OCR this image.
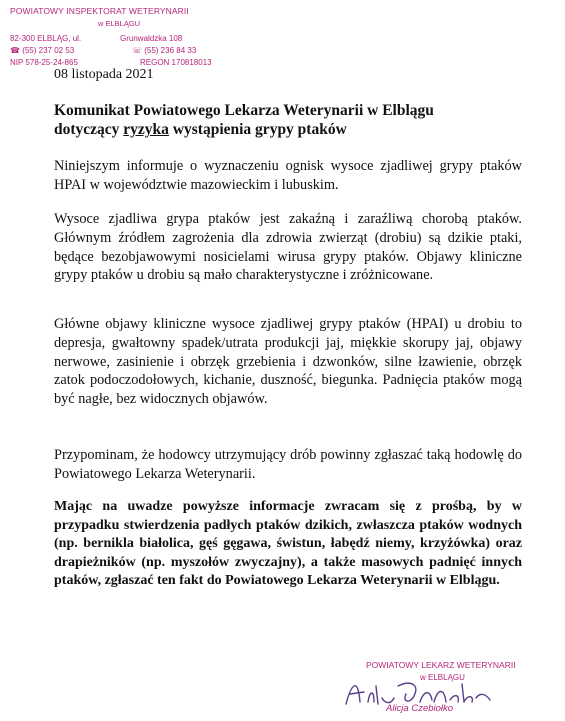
POWIATOWY INSPEKTORAT WETERYNARII
w ELBLĄGU
82-300 ELBLĄG, ul.	Grunwaldzka 108
☎ (55) 237 02 53	☏ (55) 236 84 33
NIP 578-25-24-865	REGON 170818013
08 listopada 2021
Komunikat Powiatowego Lekarza Weterynarii w Elblągu
dotyczący ryzyka wystąpienia grypy ptaków
Niniejszym informuje o wyznaczeniu ognisk wysoce zjadliwej grypy ptaków HPAI w województwie mazowieckim i lubuskim.
Wysoce zjadliwa grypa ptaków jest zakaźną i zaraźliwą chorobą ptaków. Głównym źródłem zagrożenia dla zdrowia zwierząt (drobiu) są dzikie ptaki, będące bezobjawowymi nosicielami wirusa grypy ptaków. Objawy kliniczne grypy ptaków u drobiu są mało charakterystyczne i zróżnicowane.
Główne objawy kliniczne wysoce zjadliwej grypy ptaków (HPAI) u drobiu to depresja, gwałtowny spadek/utrata produkcji jaj, miękkie skorupy jaj, objawy nerwowe, zasinienie i obrzęk grzebienia i dzwonków, silne łzawienie, obrzęk zatok podoczodołowych, kichanie, duszność, biegunka. Padnięcia ptaków mogą być nagłe, bez widocznych objawów.
Przypominam, że hodowcy utrzymujący drób powinny zgłaszać taką hodowlę do Powiatowego Lekarza Weterynarii.
Mając na uwadze powyższe informacje zwracam się z prośbą, by w przypadku stwierdzenia padłych ptaków dzikich, zwłaszcza ptaków wodnych (np. bernikla białolica, gęś gęgawa, świstun, łabędź niemy, krzyżówka) oraz drapieżników (np. myszołów zwyczajny), a także masowych padnięć innych ptaków, zgłaszać ten fakt do Powiatowego Lekarza Weterynarii w Elblągu.
POWIATOWY LEKARZ WETERYNARII
w ELBLĄGU
Alicja Czebiołko
